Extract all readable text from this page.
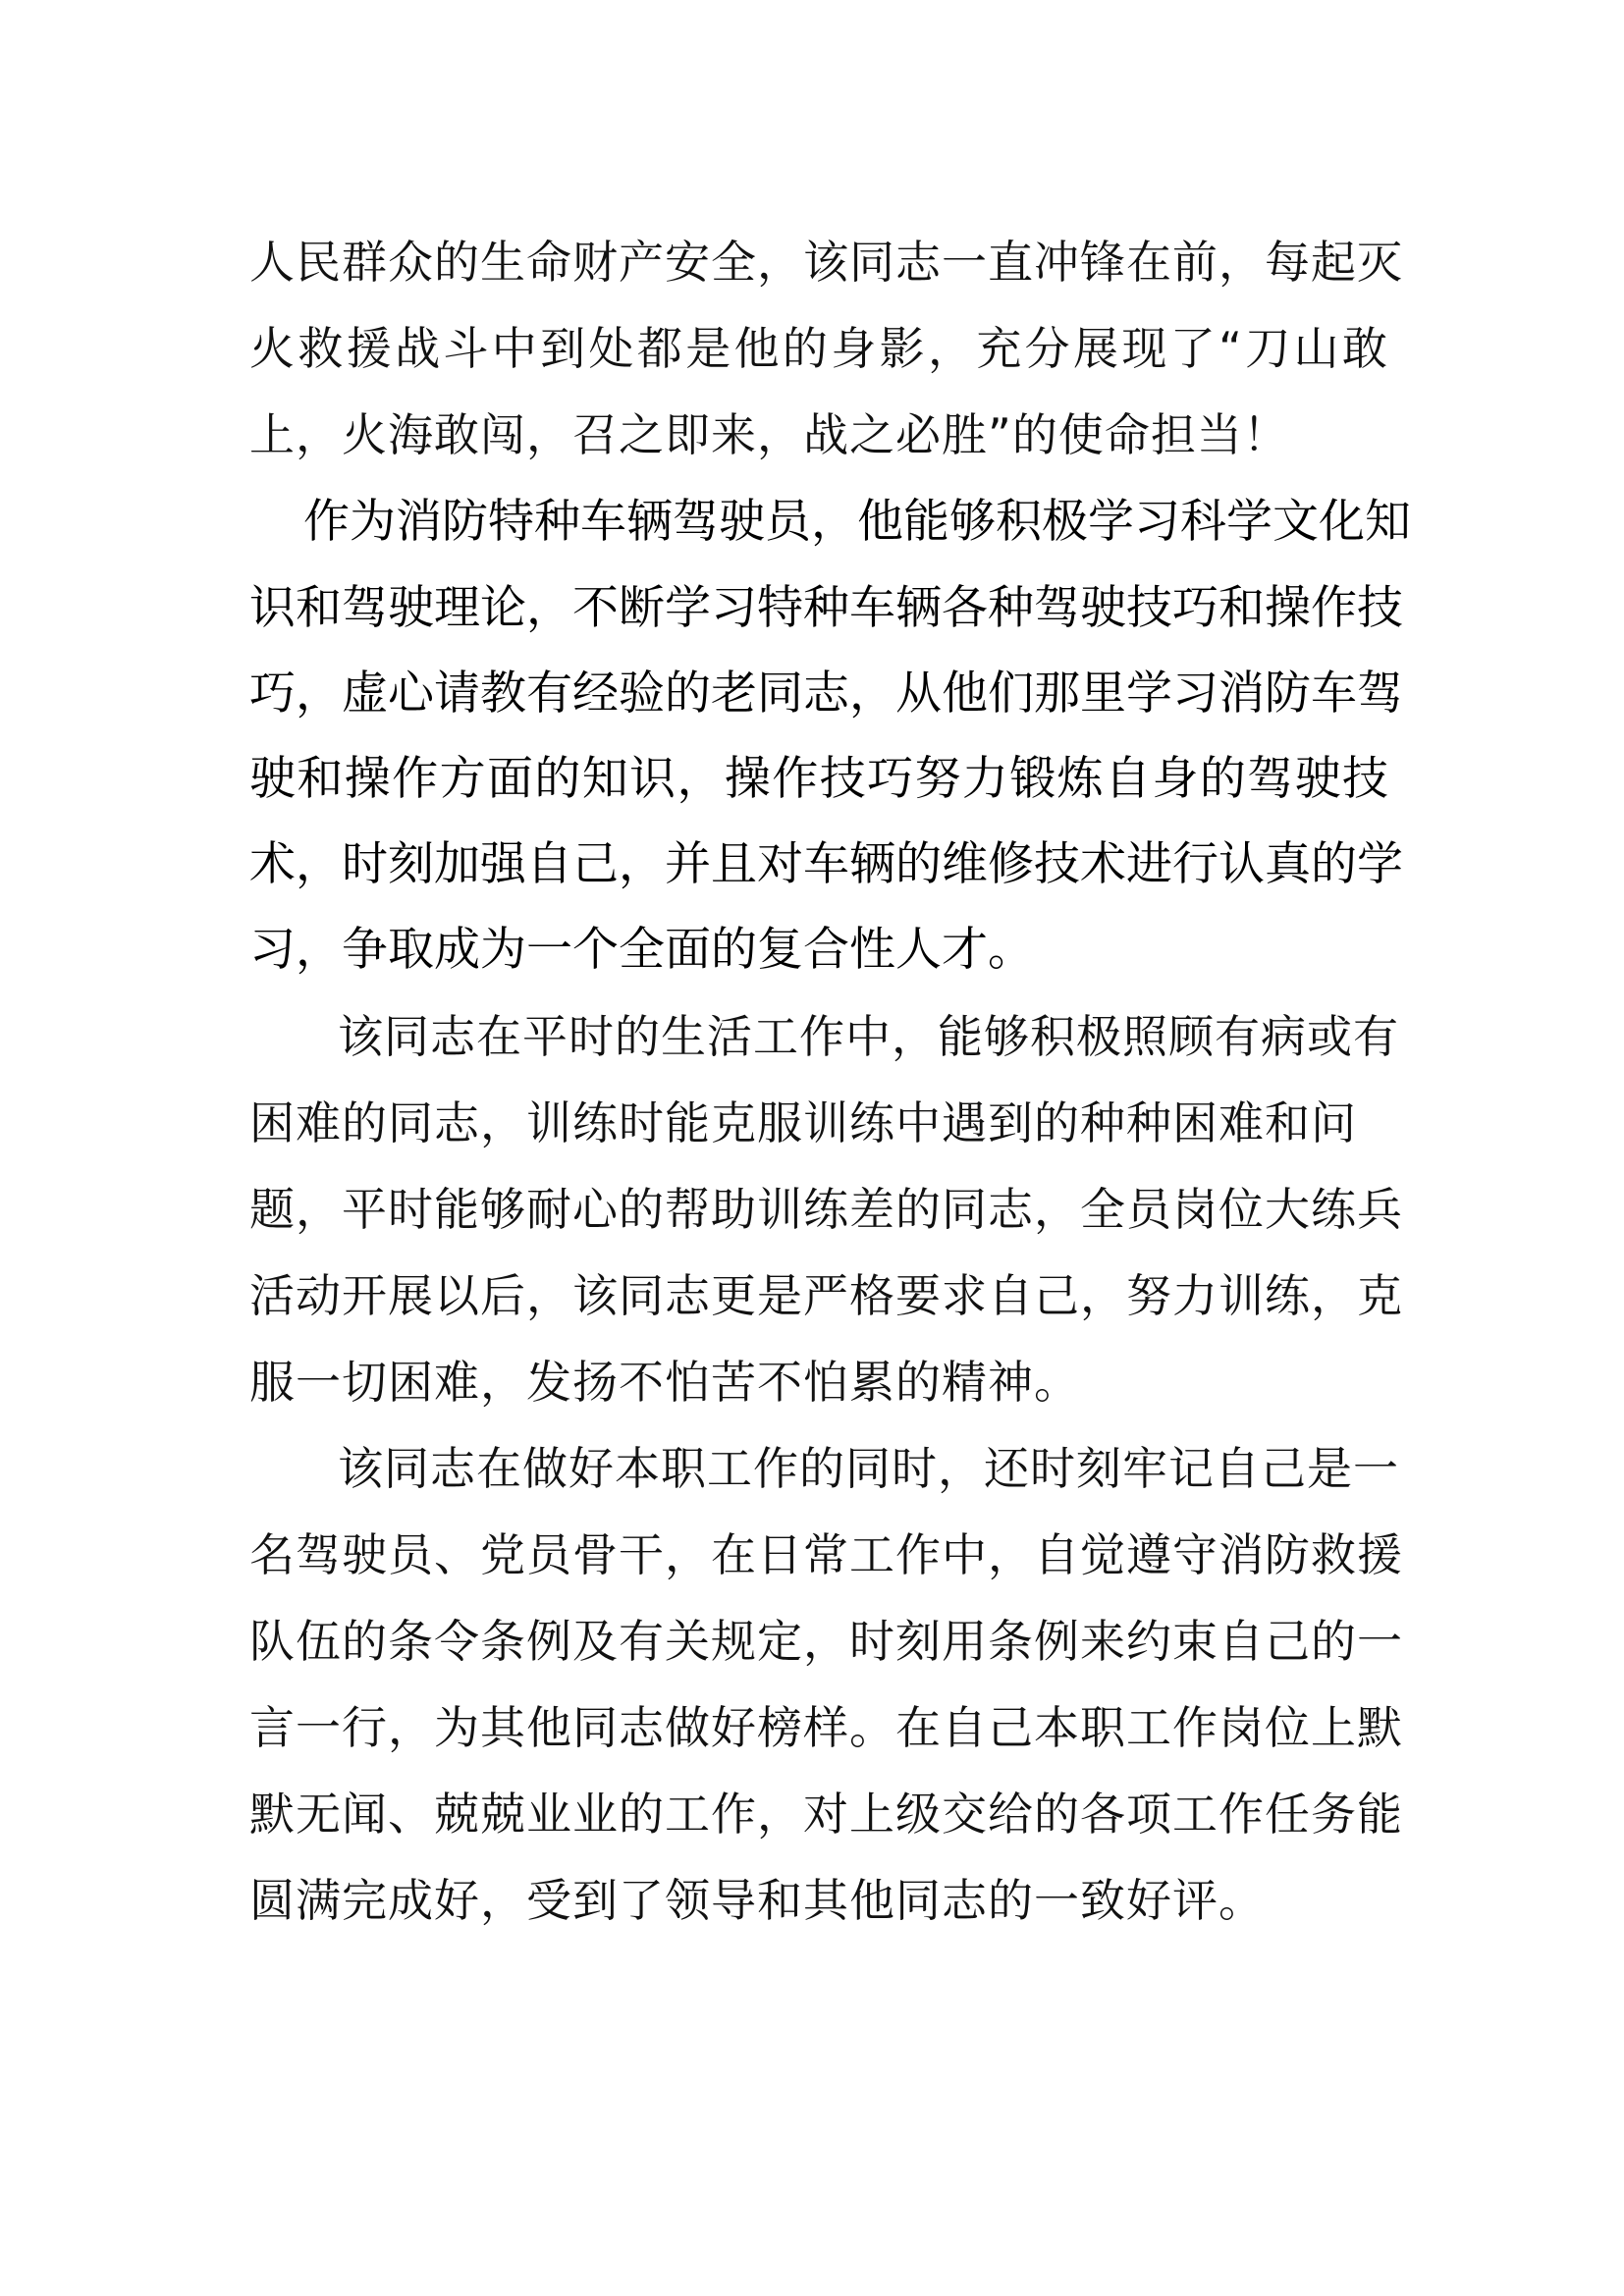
人民群众的生命财产安全，该同志一直冲锋在前，每起灭
火救援战斗中到处都是他的身影，充分展现了“刀山敢
上，火海敢闯，召之即来，战之必胜”的使命担当！
作为消防特种车辆驾驶员，他能够积极学习科学文化知
识和驾驶理论，不断学习特种车辆各种驾驶技巧和操作技
巧，虚心请教有经验的老同志，从他们那里学习消防车驾
驶和操作方面的知识，操作技巧努力锻炼自身的驾驶技
术，时刻加强自己，并且对车辆的维修技术进行认真的学
习，争取成为一个全面的复合性人才。
该同志在平时的生活工作中，能够积极照顾有病或有
困难的同志，训练时能克服训练中遇到的种种困难和问
题，平时能够耐心的帮助训练差的同志，全员岗位大练兵
活动开展以后，该同志更是严格要求自己，努力训练，克
服一切困难，发扬不怕苦不怕累的精神。
该同志在做好本职工作的同时，还时刻牢记自己是一
名驾驶员、党员骨干，在日常工作中，自觉遵守消防救援
队伍的条令条例及有关规定，时刻用条例来约束自己的一
言一行，为其他同志做好榜样。在自己本职工作岗位上默
默无闻、兢兢业业的工作，对上级交给的各项工作任务能
圆满完成好，受到了领导和其他同志的一致好评。
